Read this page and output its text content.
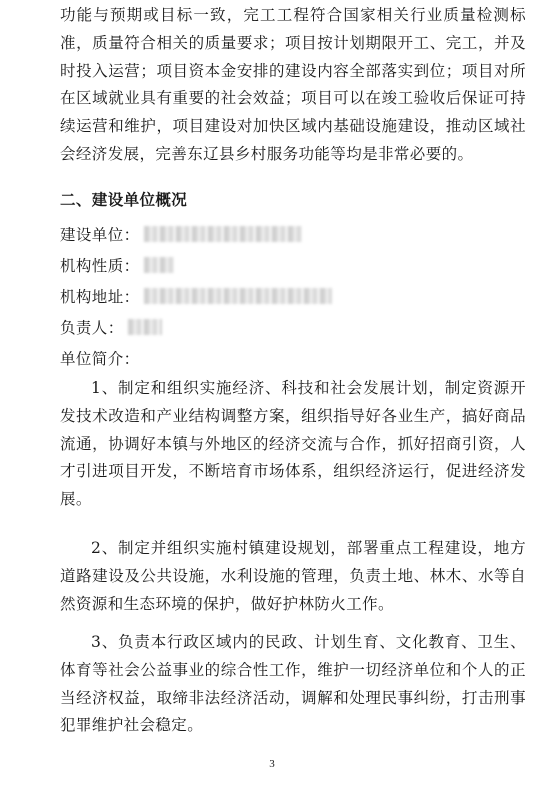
功能与预期或目标一致，完工工程符合国家相关行业质量检测标准，质量符合相关的质量要求；项目按计划期限开工、完工，并及时投入运营；项目资本金安排的建设内容全部落实到位；项目对所在区域就业具有重要的社会效益；项目可以在竣工验收后保证可持续运营和维护，项目建设对加快区域内基础设施建设，推动区域社会经济发展，完善东辽县乡村服务功能等均是非常必要的。

二、建设单位概况
建设单位：
机构性质：
机构地址：
负责人：
单位简介：

1、制定和组织实施经济、科技和社会发展计划，制定资源开发技术改造和产业结构调整方案，组织指导好各业生产，搞好商品流通，协调好本镇与外地区的经济交流与合作，抓好招商引资，人才引进项目开发，不断培育市场体系，组织经济运行，促进经济发展。

2、制定并组织实施村镇建设规划，部署重点工程建设，地方道路建设及公共设施，水利设施的管理，负责土地、林木、水等自然资源和生态环境的保护，做好护林防火工作。

3、负责本行政区域内的民政、计划生育、文化教育、卫生、体育等社会公益事业的综合性工作，维护一切经济单位和个人的正当经济权益，取缔非法经济活动，调解和处理民事纠纷，打击刑事犯罪维护社会稳定。

3
